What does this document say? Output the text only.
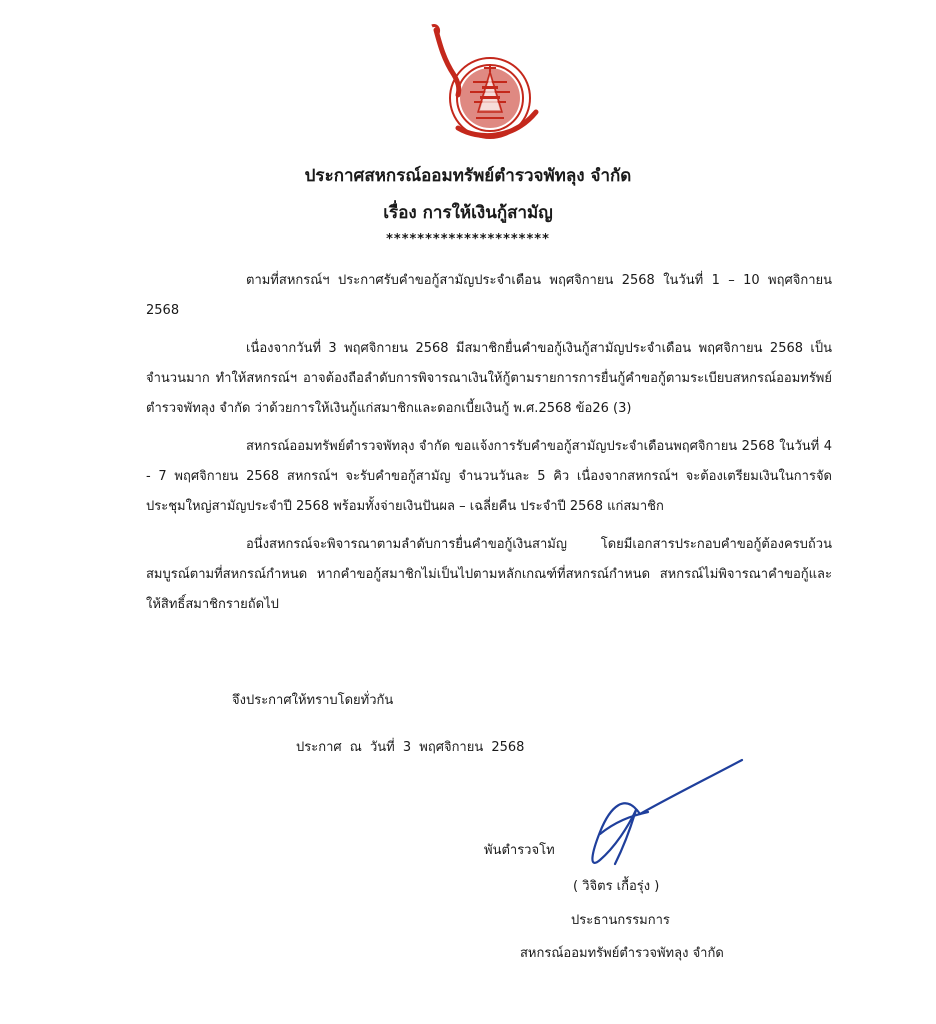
ประกาศสหกรณ์ออมทรัพย์ตำรวจพัทลุง จำกัด
เรื่อง การให้เงินกู้สามัญ
*********************

ตามที่สหกรณ์ฯ ประกาศรับคำขอกู้สามัญประจำเดือน พฤศจิกายน 2568 ในวันที่ 1 – 10 พฤศจิกายน 2568

เนื่องจากวันที่ 3 พฤศจิกายน 2568 มีสมาชิกยื่นคำขอกู้เงินกู้สามัญประจำเดือน พฤศจิกายน 2568 เป็นจำนวนมาก ทำให้สหกรณ์ฯ อาจต้องถือลำดับการพิจารณาเงินให้กู้ตามรายการการยื่นกู้คำขอกู้ตามระเบียบสหกรณ์ออมทรัพย์ตำรวจพัทลุง จำกัด ว่าด้วยการให้เงินกู้แก่สมาชิกและดอกเบี้ยเงินกู้ พ.ศ.2568 ข้อ26 (3)

สหกรณ์ออมทรัพย์ตำรวจพัทลุง จำกัด ขอแจ้งการรับคำขอกู้สามัญประจำเดือนพฤศจิกายน 2568 ในวันที่ 4 - 7 พฤศจิกายน 2568 สหกรณ์ฯ จะรับคำขอกู้สามัญ จำนวนวันละ 5 คิว เนื่องจากสหกรณ์ฯ จะต้องเตรียมเงินในการจัดประชุมใหญ่สามัญประจำปี 2568 พร้อมทั้งจ่ายเงินปันผล – เฉลี่ยคืน ประจำปี 2568 แก่สมาชิก

อนึ่งสหกรณ์จะพิจารณาตามลำดับการยื่นคำขอกู้เงินสามัญ โดยมีเอกสารประกอบคำขอกู้ต้องครบถ้วนสมบูรณ์ตามที่สหกรณ์กำหนด หากคำขอกู้สมาชิกไม่เป็นไปตามหลักเกณฑ์ที่สหกรณ์กำหนด สหกรณ์ไม่พิจารณาคำขอกู้และให้สิทธิ์สมาชิกรายถัดไป

จึงประกาศให้ทราบโดยทั่วกัน
ประกาศ ณ วันที่ 3 พฤศจิกายน 2568
พันตำรวจโท
( วิจิตร เกื้อรุ่ง )
ประธานกรรมการ
สหกรณ์ออมทรัพย์ตำรวจพัทลุง จำกัด
